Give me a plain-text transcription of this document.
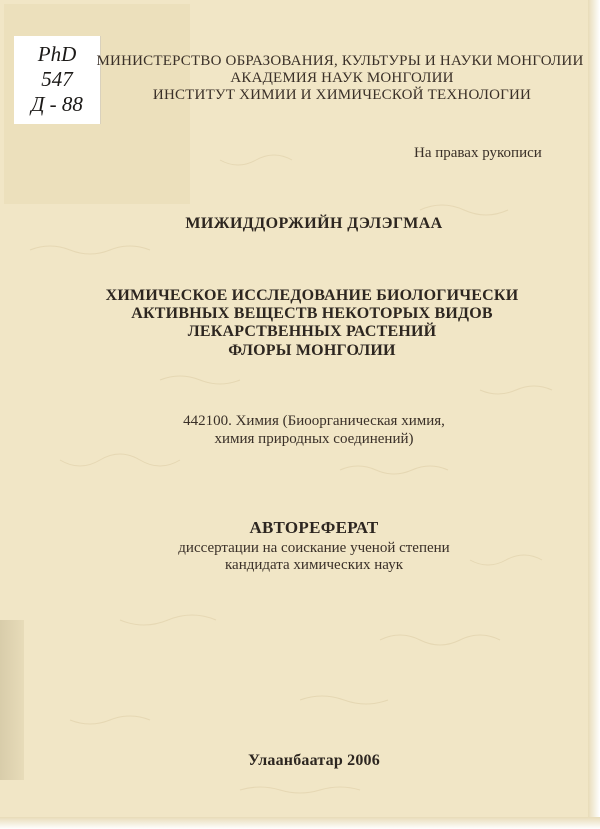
PhD
547
Д - 88
МИНИСТЕРСТВО ОБРАЗОВАНИЯ, КУЛЬТУРЫ И НАУКИ МОНГОЛИИ
АКАДЕМИЯ НАУК МОНГОЛИИ
ИНСТИТУТ ХИМИИ И ХИМИЧЕСКОЙ ТЕХНОЛОГИИ
На правах рукописи
МИЖИДДОРЖИЙН ДЭЛЭГМАА
ХИМИЧЕСКОЕ ИССЛЕДОВАНИЕ БИОЛОГИЧЕСКИ
АКТИВНЫХ ВЕЩЕСТВ НЕКОТОРЫХ ВИДОВ
ЛЕКАРСТВЕННЫХ РАСТЕНИЙ
ФЛОРЫ МОНГОЛИИ
442100. Химия (Биоорганическая химия,
химия природных соединений)
АВТОРЕФЕРАТ
диссертации на соискание ученой степени
кандидата химических наук
Улаанбаатар 2006
